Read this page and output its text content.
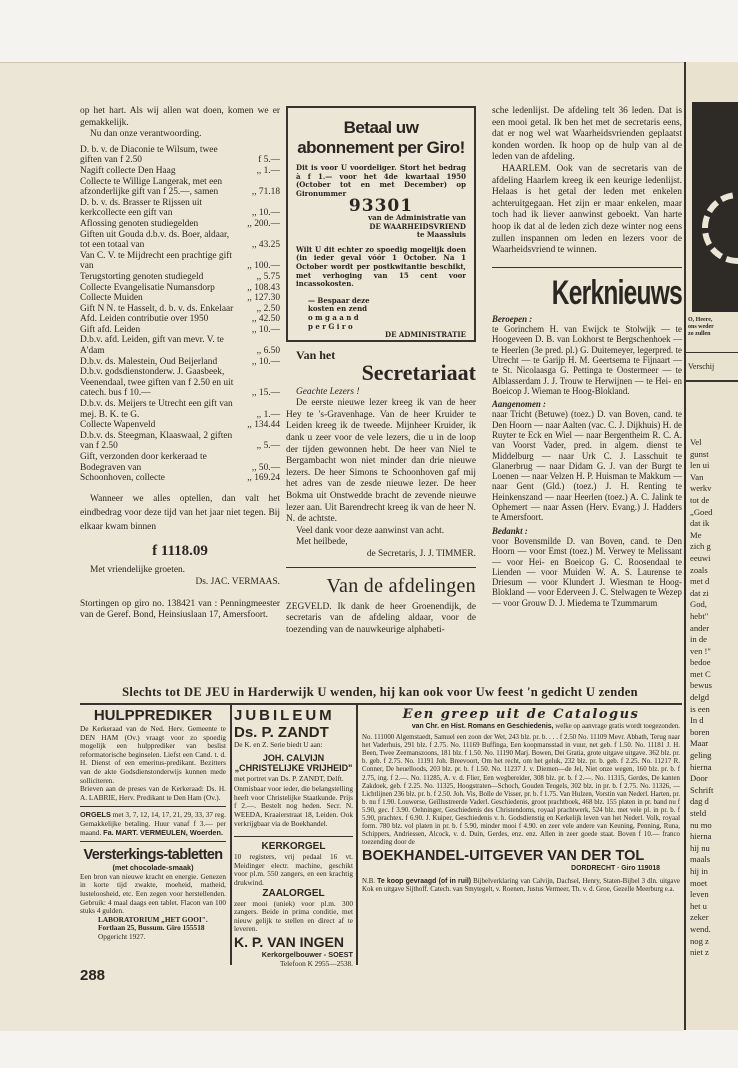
op het hart. Als wij allen wat doen, komen we er gemakkelijk.

Nu dan onze verantwoording.

D. b. v. de Diaconie te Wilsum, twee giften van f 2.50	f 5.—
Nagift collecte Den Haag	,, 1.—
Collecte te Willige Langerak, met een afzonderlijke gift van f 25.—, samen	,, 71.18
D. b. v. ds. Brasser te Rijssen uit kerkcollecte een gift van	,, 10.—
Aflossing genoten studiegelden	,, 200.—
Giften uit Gouda d.b.v. ds. Boer, aldaar, tot een totaal van	,, 43.25
Van C. V. te Mijdrecht een prachtige gift van	,, 100.—
Terugstorting genoten studiegeld	,, 5.75
Collecte Evangelisatie Numansdorp	,, 108.43
Collecte Muiden	,, 127.30
Gift N N. te Hasselt, d. b. v. ds. Enkelaar	,, 2.50
Afd. Leiden contributie over 1950	,, 42.50
Gift afd. Leiden	,, 10.—
D.b.v. afd. Leiden, gift van mevr. V. te A'dam	,, 6.50
D.b.v. ds. Malestein, Oud Beijerland	,, 10.—
D.b.v. godsdienstonderw. J. Gaasbeek, Veenendaal, twee giften van f 2.50 en uit catech. bus f 10.—	,, 15.—
D.b.v. ds. Meijers te Utrecht een gift van mej. B. K. te G.	,, 1.—
Collecte Wapenveld	,, 134.44
D.b.v. ds. Steegman, Klaaswaal, 2 giften van f 2.50	,, 5.—
Gift, verzonden door kerkeraad te Bodegraven van	,, 50.—
Schoonhoven, collecte	,, 169.24

Wanneer we alles optellen, dan valt het eindbedrag voor deze tijd van het jaar niet tegen. Bij elkaar kwam binnen

f 1118.09

Met vriendelijke groeten.

Ds. JAC. VERMAAS.

Stortingen op giro no. 138421 van : Penningmeester van de Geref. Bond, Heinsiuslaan 17, Amersfoort.

Betaal uw abonnement per Giro!

Dit is voor U voordeliger. Stort het bedrag à f 1.— voor het 4de kwartaal 1950 (October tot en met December) op Gironummer

93301
van de Administratie van
DE WAARHEIDSVRIEND
te Maassluis

Wilt U dit echter zo spoedig mogelijk doen (in ieder geval vóór 1 October. Na 1 October wordt per postkwitantie beschikt, met verhoging van 15 cent voor incassokosten.

— Bespaar deze
kosten en zend
o m g a a n d
p e r G i r o
DE ADMINISTRATIE
Van het
Secretariaat

Geachte Lezers !

De eerste nieuwe lezer kreeg ik van de heer Hey te 's-Gravenhage. Van de heer Kruider te Leiden kreeg ik de tweede. Mijnheer Kruider, ik dank u zeer voor de vele lezers, die u in de loop der tijden gewonnen hebt. De heer van Niel te Bergambacht won niet minder dan drie nieuwe lezers. De heer Simons te Schoonhoven gaf mij het adres van de zesde nieuwe lezer. De heer Bokma uit Onstwedde bracht de zevende nieuwe lezer aan. Uit Barendrecht kreeg ik van de heer N. N. de achtste.

Veel dank voor deze aanwinst van acht.

Met heilbede,

de Secretaris, J. J. TIMMER.

Van de afdelingen

ZEGVELD. Ik dank de heer Groenendijk, de secretaris van de afdeling aldaar, voor de toezending van de nauwkeurige alphabeti-

sche ledenlijst. De afdeling telt 36 leden. Dat is een mooi getal. Ik ben het met de secretaris eens, dat er nog wel wat Waarheidsvrienden geplaatst konden worden. Ik hoop op de hulp van al de leden van de afdeling.

HAARLEM. Ook van de secretaris van de afdeling Haarlem kreeg ik een keurige ledenlijst. Helaas is het getal der leden met enkelen achteruitgegaan. Het zijn er maar enkelen, maar toch had ik liever aanwinst geboekt. Van harte hoop ik dat al de leden zich deze winter nog eens zullen inspannen om leden en lezers voor de Waarheidsvriend te winnen.

Kerknieuws
Beroepen :

te Gorinchem H. van Ewijck te Stolwijk — te Hoogeveen D. B. van Lokhorst te Bergschenhoek — te Heerlen (3e pred. pl.) G. Duitemeyer, legerpred. te Utrecht — te Garijp H. M. Geertsema te Fijnaart — te St. Nicolaasga G. Pettinga te Oostermeer — te Alblasserdam J. J. Trouw te Herwijnen — te Hei- en Boeicop J. Wieman te Hoog-Blokland.

Aangenomen :

naar Tricht (Betuwe) (toez.) D. van Boven, cand. te Den Hoorn — naar Aalten (vac. C. J. Dijkhuis) H. de Ruyter te Eck en Wiel — naar Bergentheim R. C. A. van Voorst Vader, pred. in algem. dienst te Middelburg — naar Urk C. J. Lasschuit te Glanerbrug — naar Didam G. J. van der Burgt te Loenen — naar Velzen H. P. Huisman te Makkum — naar Gent (Gld.) (toez.) J. H. Renting te Heinkenszand — naar Heerlen (toez.) A. C. Jalink te Ophemert — naar Assen (Herv. Evang.) J. Hadders te Amersfoort.

Bedankt :

voor Bovensmilde D. van Boven, cand. te Den Hoorn — voor Emst (toez.) M. Verwey te Melissant — voor Hei- en Boeicop G. C. Roosendaal te Lienden — voor Muiden W. A. S. Laurense te Driesum — voor Klundert J. Wiesman te Hoog-Blokland — voor Ederveen J. C. Stelwagen te Wezep — voor Grouw D. J. Miedema te Tzummarum

Slechts tot DE JEU in Harderwijk U wenden, hij kan ook voor Uw feest 'n gedicht U zenden
HULPPREDIKER

De Kerkeraad van de Ned. Herv. Gemeente te DEN HAM (Ov.) vraagt voor zo spoedig mogelijk een hulpprediker van beslist reformatorische beginselen. Liefst een Cand. t. d. H. Dienst of een emeritus-predikant. Bezitters van de akte Godsdienstonderwijs kunnen mede solliciteren.

Brieven aan de preses van de Kerkeraad: Ds. H. A. LABRIE, Herv. Predikant te Den Ham (Ov.).

ORGELS met 3, 7, 12, 14, 17, 21, 29, 33, 37 reg. Gemakkelijke betaling. Huur vanaf f 3.— per maand. Fa. MART. VERMEULEN, Woerden.

Versterkings-tabletten
(met chocolade-smaak)

Een bron van nieuwe kracht en energie. Genezen in korte tijd zwakte, moeheid, matheid, lusteloosheid, etc. Een zegen voor herstellenden. Gebruik: 4 maal daags een tablet. Flacon van 100 stuks 4 gulden.

LABORATORIUM „HET GOOI".
Fortlaan 25, Bussum. Giro 155518
Opgericht 1927.
JUBILEUM
Ds. P. ZANDT
De K. en Z. Serie biedt U aan:
JOH. CALVIJN
„CHRISTELIJKE VRIJHEID"
met portret van Ds. P. ZANDT, Delft.

Onmisbaar voor ieder, die belangstelling heeft voor Christelijke Staatkunde. Prijs f 2.—. Bestelt nog heden. Secr. N. WEEDA, Kraaierstraat 18, Leiden. Ook verkrijgbaar via de Boekhandel.

KERKORGEL

10 registers, vrij pedaal 16 vt. Meidinger electr. machine, geschikt voor pl.m. 550 zangers, en een krachtig drukwind.

ZAALORGEL

zeer mooi (uniek) voor pl.m. 300 zangers. Beide in prima conditie, met nieuw gelijk te stellen en direct af te leveren.

K. P. VAN INGEN
Kerkorgelbouwer - SOEST
Telefoon K 2955—2538.
Een greep uit de Catalogus
van Chr. en Hist. Romans en Geschiedenis, welke op aanvrage gratis wordt toegezonden.

No. 111000 Algemstaedt, Samuel een zoon der Wet, 243 blz. pr. b. . . . f 2.50 No. 11109 Mevr. Abbath, Terug naar het Vaderhuis, 291 blz. f 2.75. No. 11169 Buffinga, Een koopmansstad in vuur, net geb. f 1.50. No. 11181 J. H. Been, Twee Zeemanszoons, 181 blz. f 1.50. No. 11190 Marj. Bowen, Dei Gratia, grote uitgave uitgave. 362 blz. pr. b. geb. f 2.75. No. 11191 Joh. Breevoort, Om het recht, om het geluk, 232 blz. pr. b. geb. f 2.25. No. 11217 R. Conner, De heuelloods, 203 blz. pr. b. f 1.50. No. 11237 J. v. Diemen—de Jel, Niet onze wegen, 160 blz. pr. b. f 2.75, ing. f 2.—. No. 11285, A. v. d. Flier, Een wegbereider, 308 blz. pr. b. f 2.—. No. 11315, Gerdes, De kanten Zakdoek, geb. f 2.25. No. 11325, Hoogstraten—Schoch, Gouden Teugels, 302 blz. in pr. b. f 2.75. No. 11326, — Lichtlijnen 236 blz. pr. b. f 2.50. Joh. Vis, Bolle de Visser, pr. b. f 1.75. Van Hulzen, Vorstin van Nederl. Harten, pr. b. nu f 1.90. Louwerse, Geïllustreerde Vaderl. Geschiedenis, groot prachtboek, 468 blz. 155 platen in pr. band nu f 5.90, gec. f 3.90. Oehninger, Geschiedenis des Christendoms, royaal prachtwerk, 524 blz. met vele pl. in pr. b. f 5.90, prachtex. f 6.90. J. Kuiper, Geschiedenis v. h. Godsdienstig en Kerkelijk leven van het Nederl. Volk, royaal form. 780 blz. vol platen in pr. b. f 5.90, minder mooi f 4.90. en zeer vele andere van Keuning, Penning, Runa, Schippers, Andriessen, Alcock, v. d. Duin, Gerdes, enz. enz. Allen in zeer goede staat. Boven f 10.— franco toezending door de

BOEKHANDEL-UITGEVER VAN DER TOL
DORDRECHT · Giro 119018

N.B. Te koop gevraagd (of in ruil) Bijbelverklaring van Calvijn, Dachsel, Henry, Staten-Bijbel 3 dln. uitgave Kok en uitgave Sijthoff. Catech. van Smytegelt, v. Roenen, Justus Vermeer, Th. v. d. Groe, Gezelle Meerburg e.a.

288
O, Heere,
ons weder
zo zullen
Verschij
Vel
gunst
len ui
Van
werkv
tot de
„Goed
dat ik
Me
zich g
eeuwi
zoals
met d
dat zi
God,
hebt"
ander
in de
ven !"
bedoe
met C
bewus
delgd
is een
In d
boren
Maar
geling
hierna
Door
Schrift
dag d
steld
nu mo
hierna
hij nu
maals
hij in
moet
leven
het u
zeker
wend.
nog z
niet z
